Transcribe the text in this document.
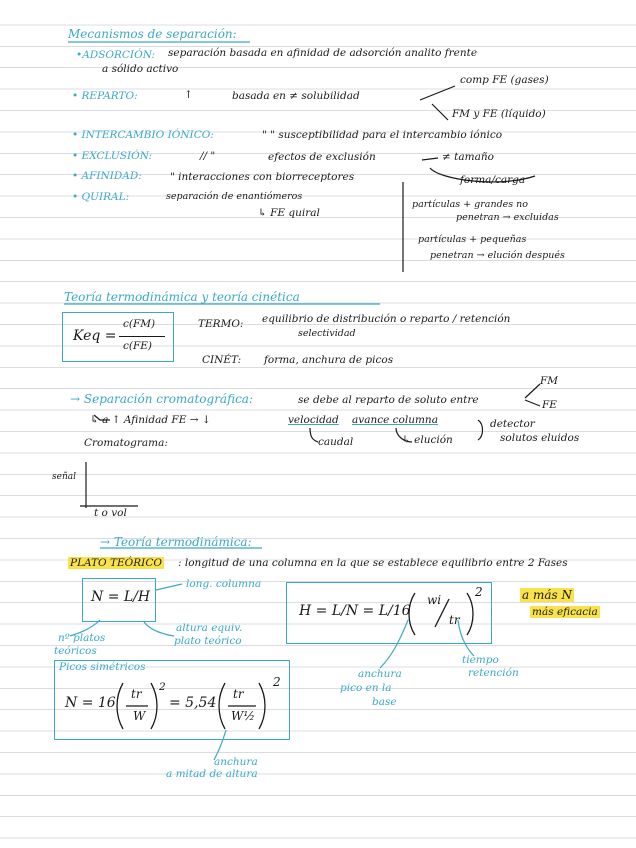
Mecanismos de separación:
•ADSORCIÓN: separación basada en afinidad de adsorción analito frente
a sólido activo
• REPARTO:	↑	basada en ≠ solubilidad
comp FE (gases)
FM y FE (líquido)
• INTERCAMBIO IÓNICO:	" " susceptibilidad para el intercambio iónico
• EXCLUSIÓN:	// "	efectos de exclusión	≠ tamaño
forma/carga
• AFINIDAD:	" interacciones con biorreceptores
• QUIRAL:	separación de enantiómeros
↳ FE quiral
partículas + grandes no
penetran → excluidas
partículas + pequeñas
penetran → elución después
Teoría termodinámica y teoría cinética
Keq =
c(FM)
c(FE)
TERMO: equilibrio de distribución o reparto / retención
selectividad
CINÉT: forma, anchura de picos
→ Separación cromatográfica:	se debe al reparto de soluto entre
FM
FE
↳ a ↑ Afinidad FE → ↓	velocidad avance columna
caudal	↳ elución
detector
solutos eluidos
Cromatograma:
señal
t o vol
→ Teoría termodinámica:
PLATO TEÓRICO : longitud de una columna en la que se establece equilibrio entre 2 Fases
N = L/H
long. columna
nº platos
teóricos
altura equiv.
plato teórico
H = L/N = L/16
wi
tr
2	a más N
más eficacia
anchura
pico en la
base
tiempo
retención
Picos simétricos
N = 16
tr
W
2
= 5,54
tr
W½
2
anchura
a mitad de altura
